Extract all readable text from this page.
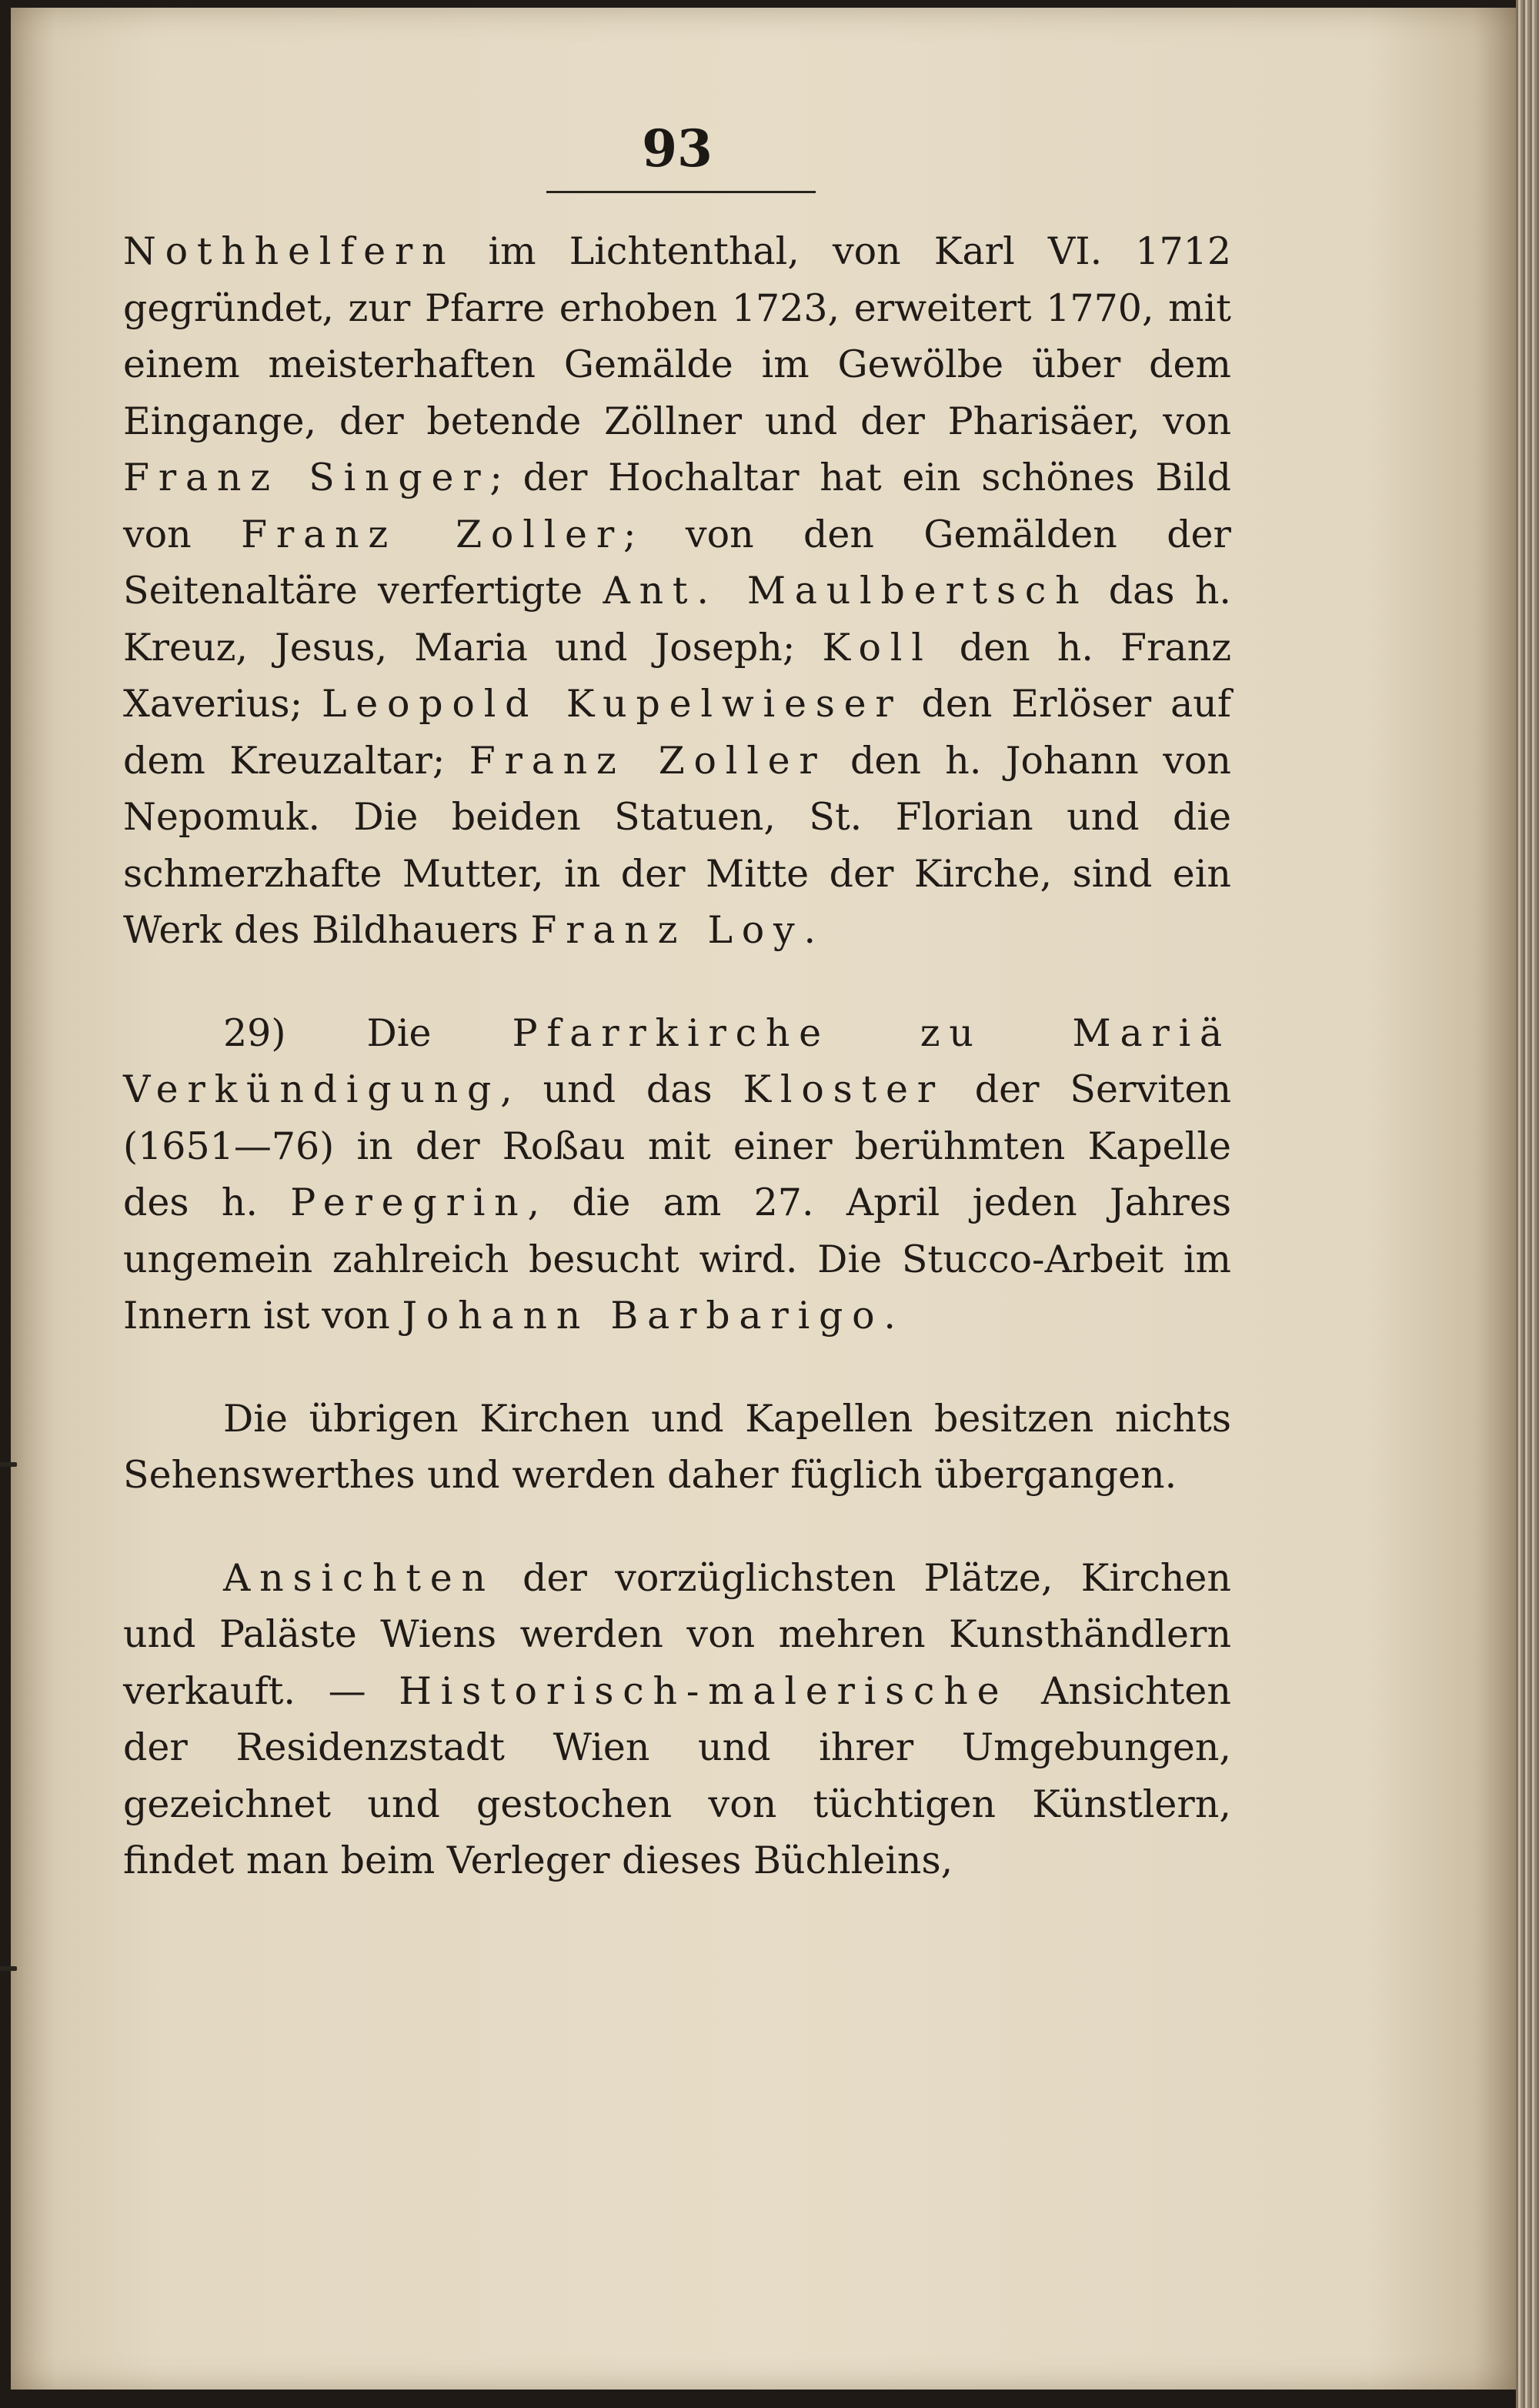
93

Nothhelfern im Lichtenthal, von Karl VI. 1712 gegründet, zur Pfarre erhoben 1723, erweitert 1770, mit einem meisterhaften Gemälde im Gewölbe über dem Eingange, der betende Zöllner und der Pharisäer, von Franz Singer; der Hochaltar hat ein schönes Bild von Franz Zoller; von den Gemälden der Seitenaltäre verfertigte Ant. Maulbertsch das h. Kreuz, Jesus, Maria und Joseph; Koll den h. Franz Xaverius; Leopold Kupelwieser den Erlöser auf dem Kreuzaltar; Franz Zoller den h. Johann von Nepomuk. Die beiden Statuen, St. Florian und die schmerzhafte Mutter, in der Mitte der Kirche, sind ein Werk des Bildhauers Franz Loy.

29) Die Pfarrkirche zu Mariä Verkündigung, und das Kloster der Serviten (1651—76) in der Roßau mit einer berühmten Kapelle des h. Peregrin, die am 27. April jeden Jahres ungemein zahlreich besucht wird. Die Stucco-Arbeit im Innern ist von Johann Barbarigo.

Die übrigen Kirchen und Kapellen besitzen nichts Sehenswerthes und werden daher füglich übergangen.

Ansichten der vorzüglichsten Plätze, Kirchen und Paläste Wiens werden von mehren Kunsthändlern verkauft. — Historisch-malerische Ansichten der Residenzstadt Wien und ihrer Umgebungen, gezeichnet und gestochen von tüchtigen Künstlern, findet man beim Verleger dieses Büchleins,
